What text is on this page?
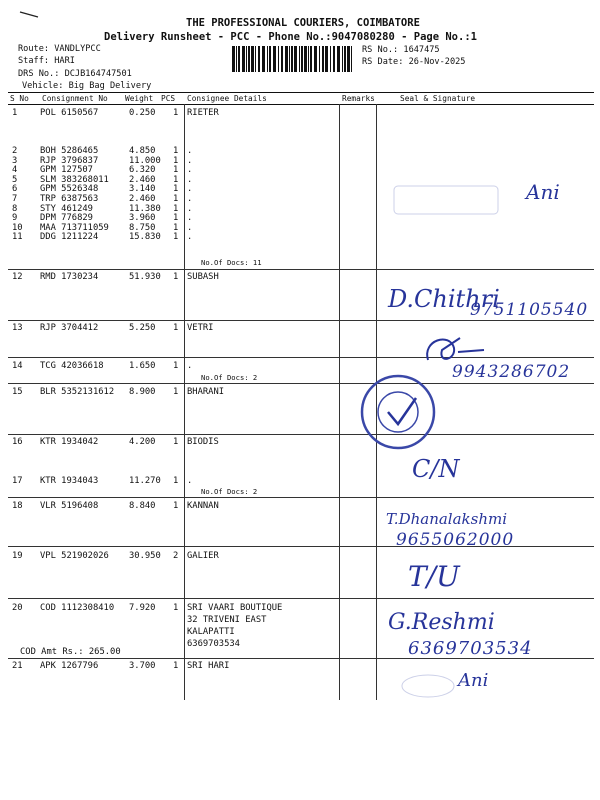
THE PROFESSIONAL COURIERS, COIMBATORE
Delivery Runsheet - PCC - Phone No.:9047080280 - Page No.:1
Route: VANDLYPCC
Staff: HARI
DRS No.: DCJB164747501
Vehicle: Big Bag Delivery
RS No.: 1647475
RS Date: 26-Nov-2025
S No Consignment No Weight PCS Consignee Details	Remarks	Seal & Signature
1	POL 6150567	0.250 1 RIETER
2	BOH 5286465	4.850 1 .
3	RJP 3796837	11.000 1 .
4	GPM 127507	6.320 1 .
5	SLM 383268011 2.460 1 .
6	GPM 5526348	3.140 1 .
7	TRP 6387563	2.460 1 .
8	STY 461249	11.380 1 .
9	DPM 776829	3.960 1 .
10 MAA 713711059 8.750 1 .
11 DDG 1211224	15.830 1 .
No.Of Docs: 11
12 RMD 1730234	51.930 1 SUBASH
13 RJP 3704412	5.250 1 VETRI
14 TCG 42036618	1.650 1 .
No.Of Docs: 2
15 BLR 5352131612 8.900 1 BHARANI
16 KTR 1934042	4.200 1 BIODIS
17 KTR 1934043	11.270 1 .
No.Of Docs: 2
18 VLR 5196408	8.840 1 KANNAN
19 VPL 521902026 30.950 2 GALIER
20 COD 1112308410 7.920 1 SRI VAARI BOUTIQUE
32 TRIVENI EAST
KALAPATTI
6369703534
COD Amt Rs.: 265.00
21 APK 1267796	3.700 1 SRI HARI
Ani
D.Chithri
9751105540
9943286702
C/N
T.Dhanalakshmi
9655062000
T/U
G.Reshmi
6369703534
Ani
